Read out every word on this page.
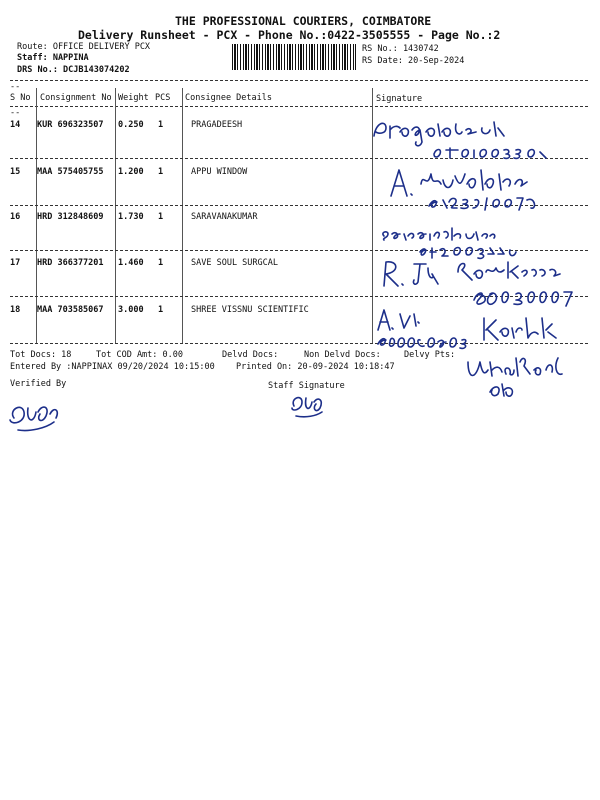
THE PROFESSIONAL COURIERS, COIMBATORE
Delivery Runsheet - PCX - Phone No.:0422-3505555 - Page No.:2
Route: OFFICE DELIVERY PCX
Staff: NAPPINA
DRS No.: DCJB143074202
RS No.: 1430742
RS Date: 20-Sep-2024
--
S No Consignment No Weight PCS Consignee Details	Signature
--
14 KUR 696323507 0.250 1	PRAGADEESH
15 MAA 575405755 1.200 1	APPU WINDOW
16 HRD 312848609 1.730 1	SARAVANAKUMAR
17 HRD 366377201 1.460 1	SAVE SOUL SURGCAL
18 MAA 703585067 3.000 1	SHREE VISSNU SCIENTIFIC
Tot Docs: 18	Tot COD Amt: 0.00	Delvd Docs:	Non Delvd Docs:	Delvy Pts:
Entered By :NAPPINAX 09/20/2024 10:15:00	Printed On: 20-09-2024 10:18:47
Verified By	Staff Signature
